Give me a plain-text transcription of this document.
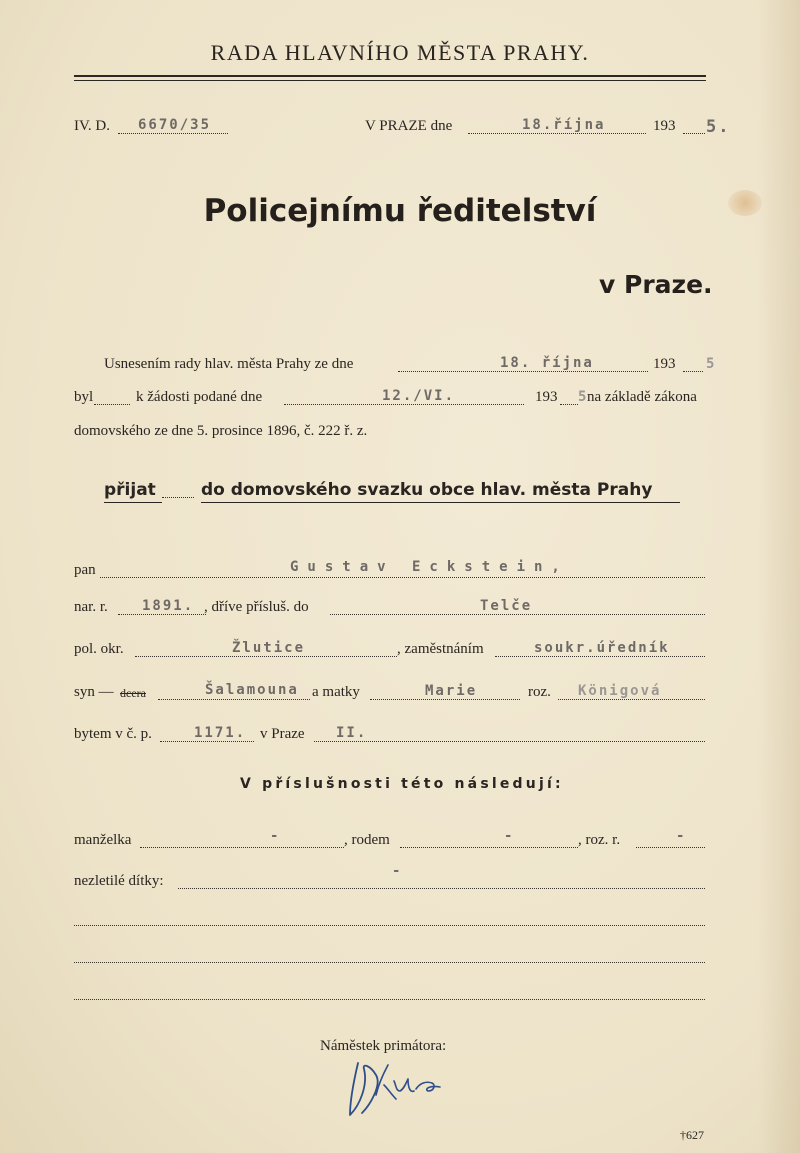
RADA HLAVNÍHO MĚSTA PRAHY.
IV. D. 6670/35	V PRAZE dne	18.října	193 5.
Policejnímu ředitelství
v Praze.
Usnesením rady hlav. města Prahy ze dne	18. října	193 5
byl	k žádosti podané dne	12./VI.	193 5
na základě zákona
domovského ze dne 5. prosince 1896, č. 222 ř. z.
přijat	do domovského svazku obce hlav. města Prahy
pan	Gustav Eckstein,
nar. r. 1891. , dříve přísluš. do	Telče
pol. okr.	Žlutice	, zaměstnáním	soukr.úředník
syn — dcera	Šalamouna a matky	Marie	roz. Königová
bytem v č. p.	1171. v Praze II.
V příslušnosti této následují:
manželka	-	, rodem	-	, roz. r.	-
nezletilé dítky:
-
Náměstek primátora:
†627
